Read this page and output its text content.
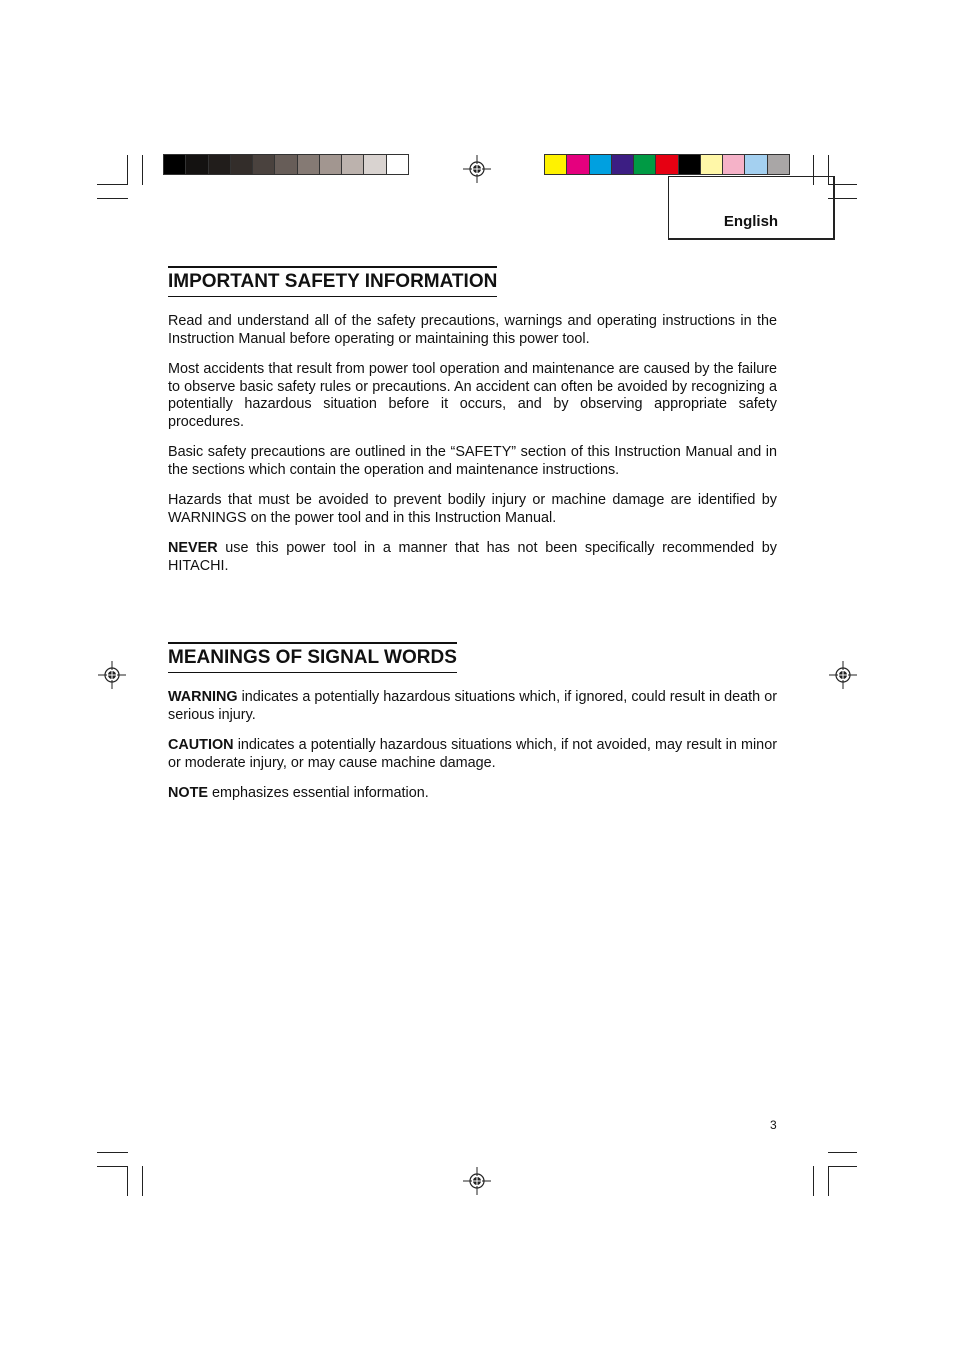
English
IMPORTANT SAFETY INFORMATION
Read and understand all of the safety precautions, warnings and operating instructions in the Instruction Manual before operating or maintaining this power tool.
Most accidents that result from power tool operation and maintenance are caused by the failure to observe basic safety rules or precautions. An accident can often be avoided by recognizing a potentially hazardous situation before it occurs, and by observing appropriate safety procedures.
Basic safety precautions are outlined in the “SAFETY” section of this Instruction Manual and in the sections which contain the operation and maintenance instructions.
Hazards that must be avoided to prevent bodily injury or machine damage are identified by WARNINGS on the power tool and in this Instruction Manual.
NEVER use this power tool in a manner that has not been specifically recommended by HITACHI.
MEANINGS OF SIGNAL WORDS
WARNING indicates a potentially hazardous situations which, if ignored, could result in death or serious injury.
CAUTION indicates a potentially hazardous situations which, if not avoided, may result in minor or moderate injury, or may cause machine damage.
NOTE emphasizes essential information.
3
